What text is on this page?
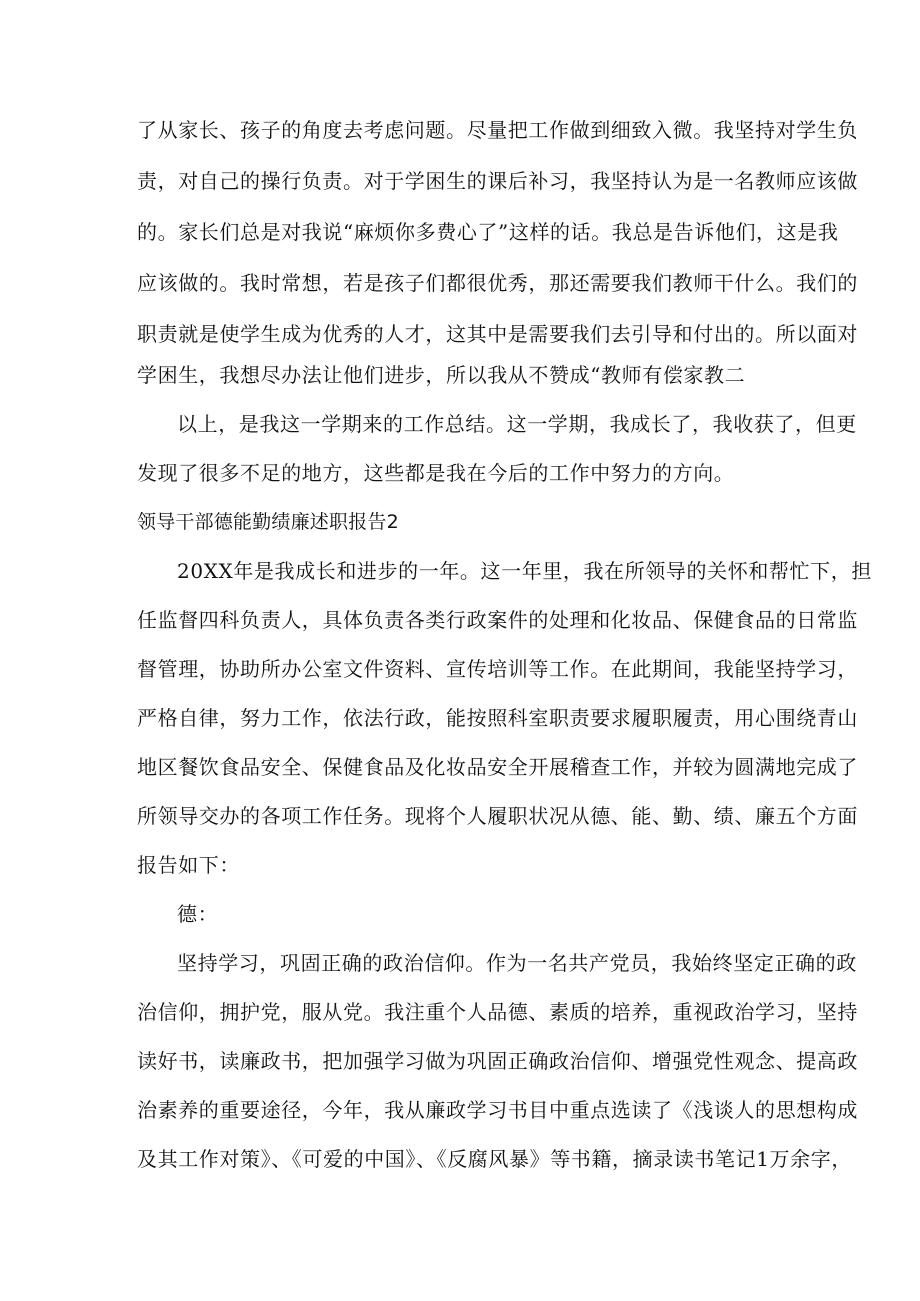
了从家长、孩子的角度去考虑问题。尽量把工作做到细致入微。我坚持对学生负
责，对自己的操行负责。对于学困生的课后补习，我坚持认为是一名教师应该做
的。家长们总是对我说“麻烦你多费心了”这样的话。我总是告诉他们，这是我
应该做的。我时常想，若是孩子们都很优秀，那还需要我们教师干什么。我们的
职责就是使学生成为优秀的人才，这其中是需要我们去引导和付出的。所以面对
学困生，我想尽办法让他们进步，所以我从不赞成“教师有偿家教二
以上，是我这一学期来的工作总结。这一学期，我成长了，我收获了，但更
发现了很多不足的地方，这些都是我在今后的工作中努力的方向。
领导干部德能勤绩廉述职报告2
20XX年是我成长和进步的一年。这一年里，我在所领导的关怀和帮忙下，担
任监督四科负责人，具体负责各类行政案件的处理和化妆品、保健食品的日常监
督管理，协助所办公室文件资料、宣传培训等工作。在此期间，我能坚持学习，
严格自律，努力工作，依法行政，能按照科室职责要求履职履责，用心围绕青山
地区餐饮食品安全、保健食品及化妆品安全开展稽查工作，并较为圆满地完成了
所领导交办的各项工作任务。现将个人履职状况从德、能、勤、绩、廉五个方面
报告如下：
德：
坚持学习，巩固正确的政治信仰。作为一名共产党员，我始终坚定正确的政
治信仰，拥护党，服从党。我注重个人品德、素质的培养，重视政治学习，坚持
读好书，读廉政书，把加强学习做为巩固正确政治信仰、增强党性观念、提高政
治素养的重要途径，今年，我从廉政学习书目中重点选读了《浅谈人的思想构成
及其工作对策》、《可爱的中国》、《反腐风暴》等书籍，摘录读书笔记1万余字，
